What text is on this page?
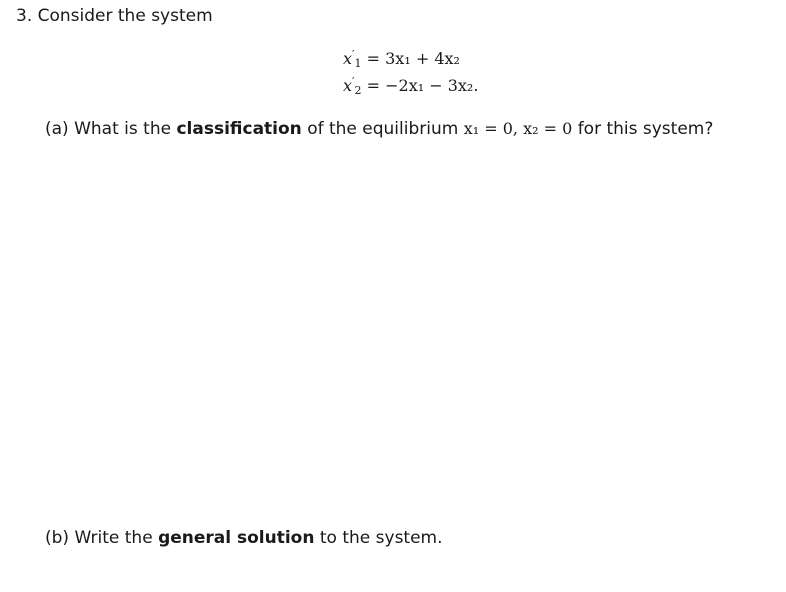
3. Consider the system
$x'_1 = 3x_1 + 4x_2$
$x'_2 = -2x_1 - 3x_2$.
(a) What is the classification of the equilibrium x₁ = 0, x₂ = 0 for this system?
(b) Write the general solution to the system.
